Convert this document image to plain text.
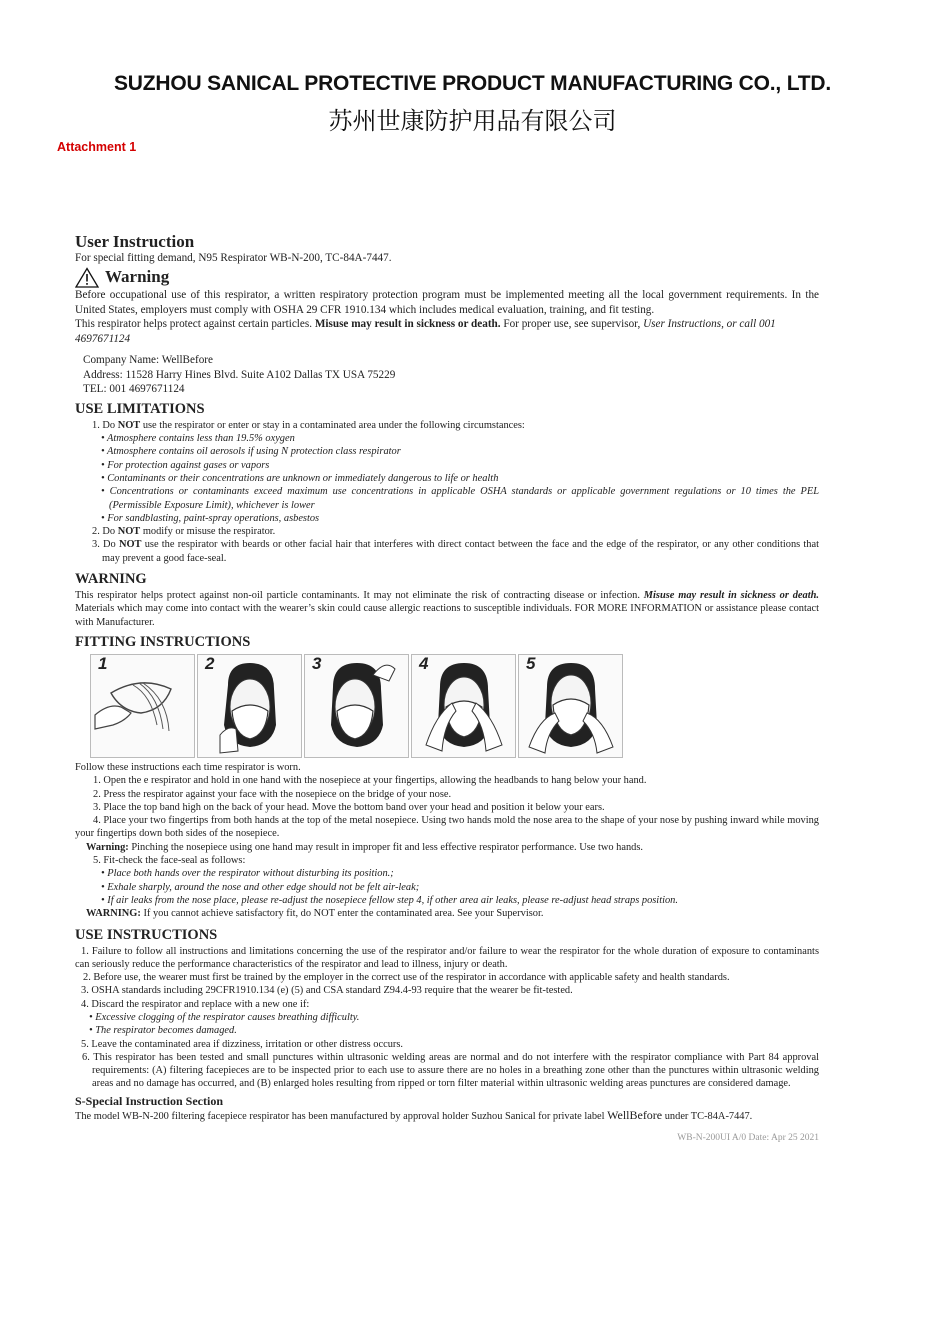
SUZHOU SANICAL PROTECTIVE PRODUCT MANUFACTURING CO., LTD.
苏州世康防护用品有限公司
Attachment 1
User Instruction

For special fitting demand, N95 Respirator WB-N-200, TC-84A-7447.

Warning

Before occupational use of this respirator, a written respiratory protection program must be implemented meeting all the local government requirements. In the United States, employers must comply with OSHA 29 CFR 1910.134 which includes medical evaluation, training, and fit testing.

This respirator helps protect against certain particles. Misuse may result in sickness or death. For proper use, see supervisor, User Instructions, or call 001 4697671124

Company Name: WellBefore
Address: 11528 Harry Hines Blvd. Suite A102 Dallas TX USA 75229
TEL: 001 4697671124
USE LIMITATIONS

1. Do NOT use the respirator or enter or stay in a contaminated area under the following circumstances:

• Atmosphere contains less than 19.5% oxygen

• Atmosphere contains oil aerosols if using N protection class respirator

• For protection against gases or vapors

• Contaminants or their concentrations are unknown or immediately dangerous to life or health

• Concentrations or contaminants exceed maximum use concentrations in applicable OSHA standards or applicable government regulations or 10 times the PEL (Permissible Exposure Limit), whichever is lower

• For sandblasting, paint-spray operations, asbestos

2. Do NOT modify or misuse the respirator.

3. Do NOT use the respirator with beards or other facial hair that interferes with direct contact between the face and the edge of the respirator, or any other conditions that may prevent a good face-seal.

WARNING

This respirator helps protect against non-oil particle contaminants. It may not eliminate the risk of contracting disease or infection. Misuse may result in sickness or death. Materials which may come into contact with the wearer’s skin could cause allergic reactions to susceptible individuals. FOR MORE INFORMATION or assistance please contact with Manufacturer.

FITTING INSTRUCTIONS
1	2	3	4	5

Follow these instructions each time respirator is worn.

1. Open the e respirator and hold in one hand with the nosepiece at your fingertips, allowing the headbands to hang below your hand.

2. Press the respirator against your face with the nosepiece on the bridge of your nose.

3. Place the top band high on the back of your head. Move the bottom band over your head and position it below your ears.

4. Place your two fingertips from both hands at the top of the metal nosepiece. Using two hands mold the nose area to the shape of your nose by pushing inward while moving your fingertips down both sides of the nosepiece.

Warning: Pinching the nosepiece using one hand may result in improper fit and less effective respirator performance. Use two hands.

5. Fit-check the face-seal as follows:

• Place both hands over the respirator without disturbing its position.;

• Exhale sharply, around the nose and other edge should not be felt air-leak;

• If air leaks from the nose place, please re-adjust the nosepiece fellow step 4, if other area air leaks, please re-adjust head straps position.

WARNING: If you cannot achieve satisfactory fit, do NOT enter the contaminated area. See your Supervisor.

USE INSTRUCTIONS

1. Failure to follow all instructions and limitations concerning the use of the respirator and/or failure to wear the respirator for the whole duration of exposure to contaminants can seriously reduce the performance characteristics of the respirator and lead to illness, injury or death.

2. Before use, the wearer must first be trained by the employer in the correct use of the respirator in accordance with applicable safety and health standards.

3. OSHA standards including 29CFR1910.134 (e) (5) and CSA standard Z94.4-93 require that the wearer be fit-tested.

4. Discard the respirator and replace with a new one if:

• Excessive clogging of the respirator causes breathing difficulty.

• The respirator becomes damaged.

5. Leave the contaminated area if dizziness, irritation or other distress occurs.

6. This respirator has been tested and small punctures within ultrasonic welding areas are normal and do not interfere with the respirator compliance with Part 84 approval requirements: (A) filtering facepieces are to be inspected prior to each use to assure there are no holes in a breathing zone other than the punctures within ultrasonic welding areas and no damage has occurred, and (B) enlarged holes resulting from ripped or torn filter material within ultrasonic welding areas punctures are considered damage.

S-Special Instruction Section

The model WB-N-200 filtering facepiece respirator has been manufactured by approval holder Suzhou Sanical for private label WellBefore under TC-84A-7447.

WB-N-200UI A/0 Date: Apr 25 2021
